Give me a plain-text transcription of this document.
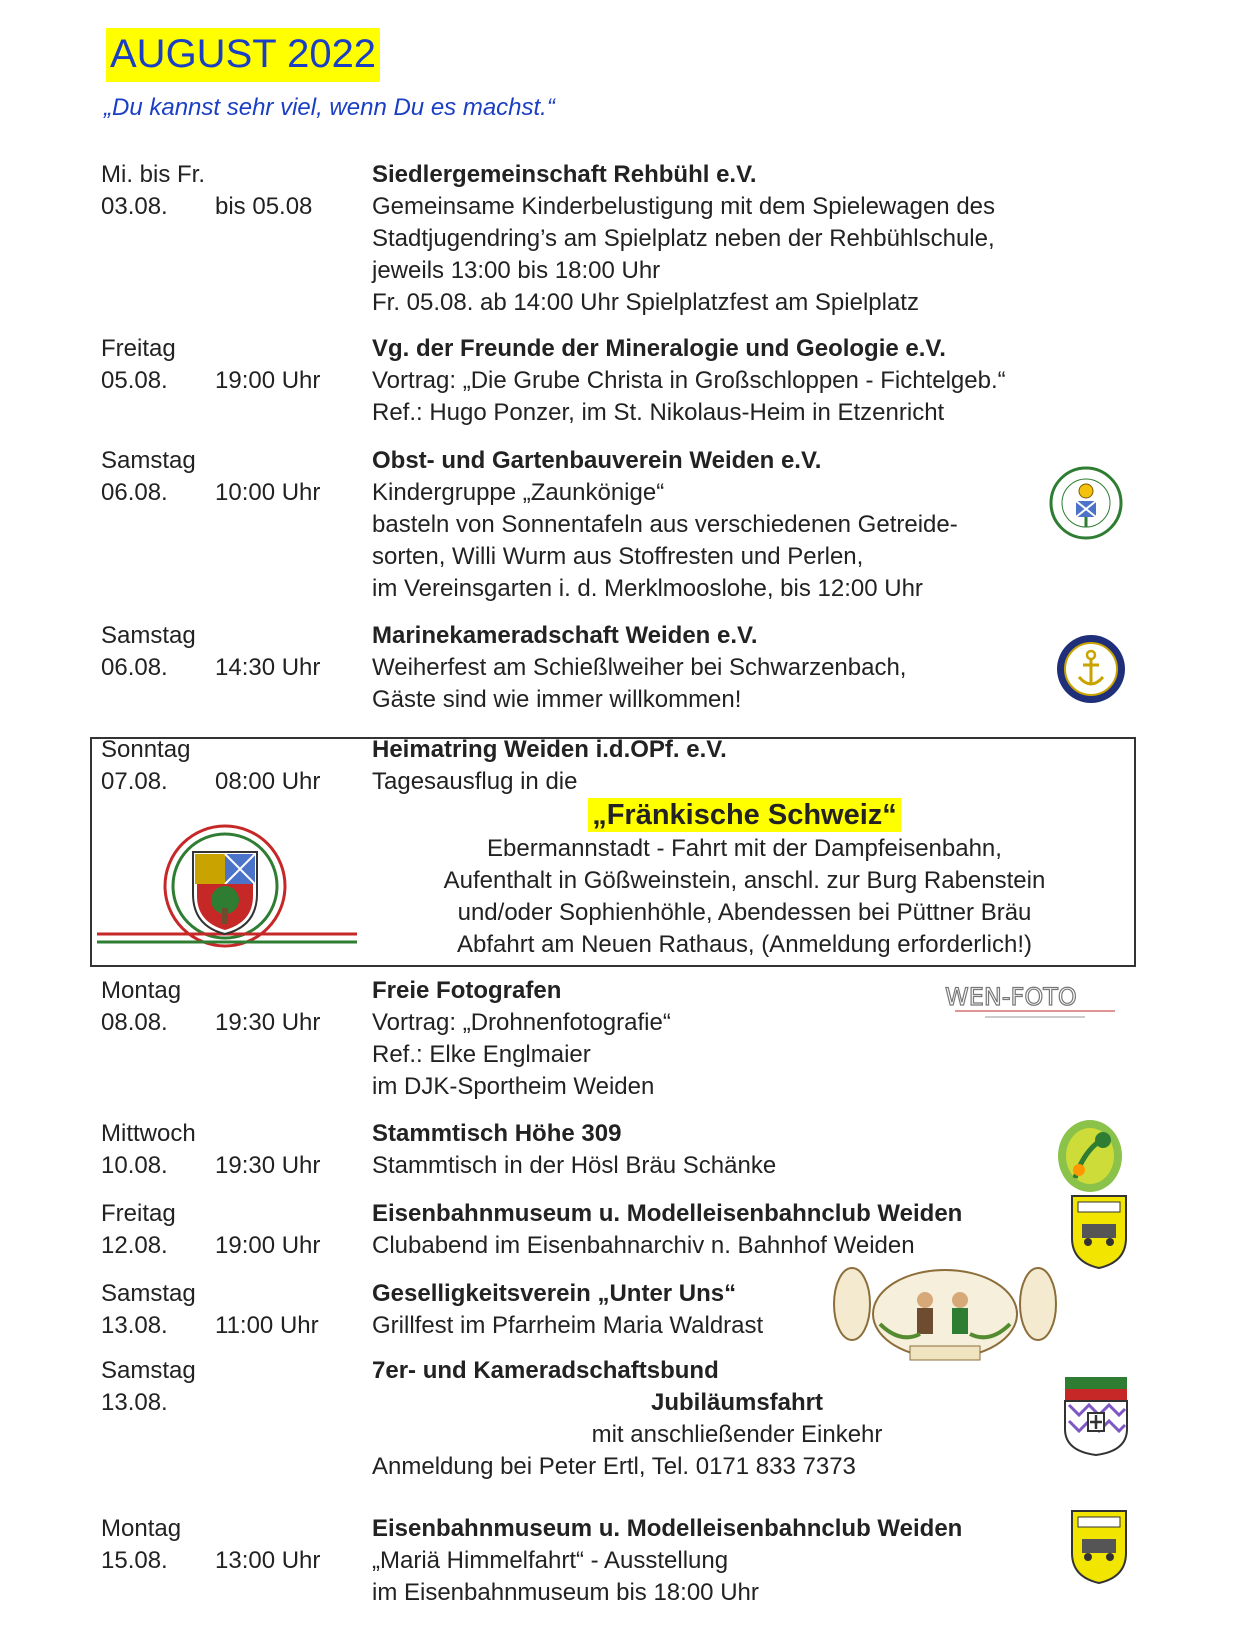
AUGUST 2022
„Du kannst sehr viel, wenn Du es machst.“
Mi. bis Fr.
03.08. bis 05.08
Siedlergemeinschaft Rehbühl e.V.
Gemeinsame Kinderbelustigung mit dem Spielewagen des
Stadtjugendring’s am Spielplatz neben der Rehbühlschule,
jeweils 13:00 bis 18:00 Uhr
Fr. 05.08. ab 14:00 Uhr Spielplatzfest am Spielplatz
Freitag
05.08. 19:00 Uhr
Vg. der Freunde der Mineralogie und Geologie e.V.
Vortrag: „Die Grube Christa in Großschloppen - Fichtelgeb.“
Ref.: Hugo Ponzer, im St. Nikolaus-Heim in Etzenricht
Samstag
06.08. 10:00 Uhr
Obst- und Gartenbauverein Weiden e.V.
Kindergruppe „Zaunkönige“
basteln von Sonnentafeln aus verschiedenen Getreide-
sorten, Willi Wurm aus Stoffresten und Perlen,
im Vereinsgarten i. d. Merklmooslohe, bis 12:00 Uhr
Samstag
06.08. 14:30 Uhr
Marinekameradschaft Weiden e.V.
Weiherfest am Schießlweiher bei Schwarzenbach,
Gäste sind wie immer willkommen!
Sonntag
07.08. 08:00 Uhr
Heimatring Weiden i.d.OPf. e.V.
Tagesausflug in die
„Fränkische Schweiz“
Ebermannstadt - Fahrt mit der Dampfeisenbahn,
Aufenthalt in Gößweinstein, anschl. zur Burg Rabenstein
und/oder Sophienhöhle, Abendessen bei Püttner Bräu
Abfahrt am Neuen Rathaus, (Anmeldung erforderlich!)
Montag
08.08. 19:30 Uhr
Freie Fotografen
Vortrag: „Drohnenfotografie“
Ref.: Elke Englmaier
im DJK-Sportheim Weiden
WEN-FOTO
Mittwoch
10.08. 19:30 Uhr
Stammtisch Höhe 309
Stammtisch in der Hösl Bräu Schänke
Freitag
12.08. 19:00 Uhr
Eisenbahnmuseum u. Modelleisenbahnclub Weiden
Clubabend im Eisenbahnarchiv n. Bahnhof Weiden
Samstag
13.08. 11:00 Uhr
Geselligkeitsverein „Unter Uns“
Grillfest im Pfarrheim Maria Waldrast
Samstag
13.08.
7er- und Kameradschaftsbund
Jubiläumsfahrt
mit anschließender Einkehr
Anmeldung bei Peter Ertl, Tel. 0171 833 7373
Montag
15.08. 13:00 Uhr
Eisenbahnmuseum u. Modelleisenbahnclub Weiden
„Mariä Himmelfahrt“ - Ausstellung
im Eisenbahnmuseum bis 18:00 Uhr
